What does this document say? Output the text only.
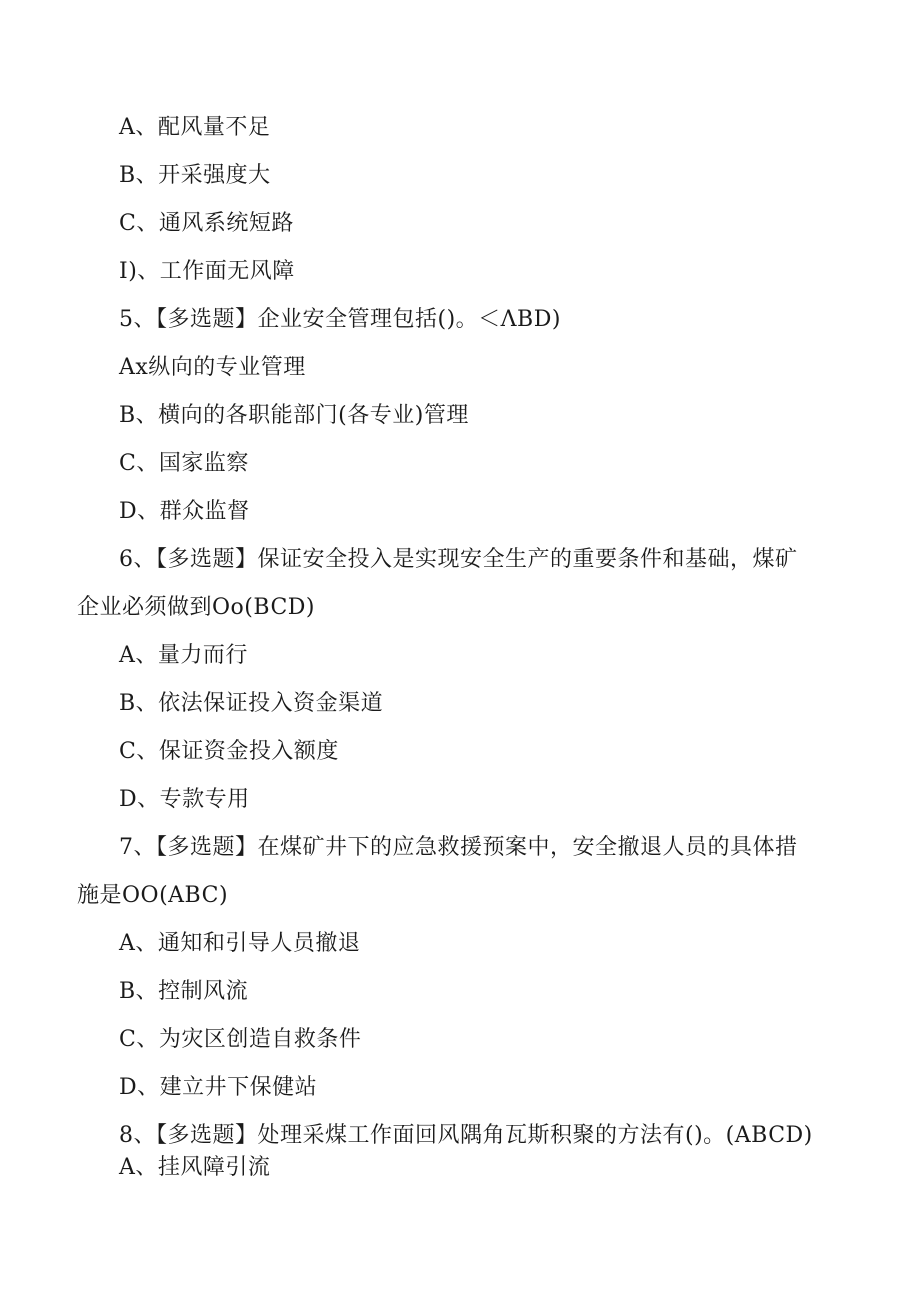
A、配风量不足
B、开采强度大
C、通风系统短路
I)、工作面无风障
5、【多选题】企业安全管理包括()。＜ΛBD)
Ax纵向的专业管理
B、横向的各职能部门(各专业)管理
C、国家监察
D、群众监督
6、【多选题】保证安全投入是实现安全生产的重要条件和基础，煤矿
企业必须做到Oo(BCD)
A、量力而行
B、依法保证投入资金渠道
C、保证资金投入额度
D、专款专用
7、【多选题】在煤矿井下的应急救援预案中，安全撤退人员的具体措
施是OO(ABC)
A、通知和引导人员撤退
B、控制风流
C、为灾区创造自救条件
D、建立井下保健站
8、【多选题】处理采煤工作面回风隅角瓦斯积聚的方法有()。(ABCD)
A、挂风障引流
